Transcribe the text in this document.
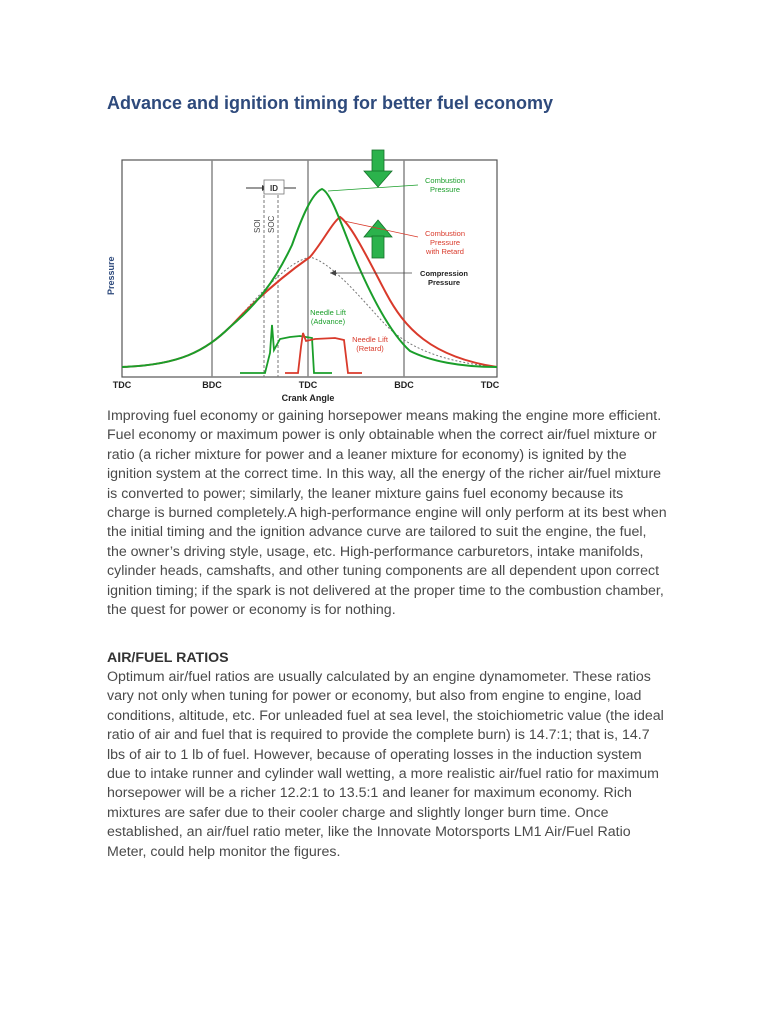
Advance and ignition timing for better fuel economy
ID
SOI SOC
Combustion
Pressure
Combustion
Pressure
with Retard
Compression
Pressure
Needle Lift
(Advance)
Needle Lift
(Retard)
Pressure
TDC	BDC	TDC	BDC	TDC
Crank Angle

Improving fuel economy or gaining horsepower means making the engine more efficient. Fuel economy or maximum power is only obtainable when the correct air/fuel mixture or ratio (a richer mixture for power and a leaner mixture for economy) is ignited by the ignition system at the correct time. In this way, all the energy of the richer air/fuel mixture is converted to power; similarly, the leaner mixture gains fuel economy because its charge is burned completely.A high-performance engine will only perform at its best when the initial timing and the ignition advance curve are tailored to suit the engine, the fuel, the owner’s driving style, usage, etc. High-performance carburetors, intake manifolds, cylinder heads, camshafts, and other tuning components are all dependent upon correct ignition timing; if the spark is not delivered at the proper time to the combustion chamber, the quest for power or economy is for nothing.

AIR/FUEL RATIOS

Optimum air/fuel ratios are usually calculated by an engine dynamometer. These ratios vary not only when tuning for power or economy, but also from engine to engine, load conditions, altitude, etc. For unleaded fuel at sea level, the stoichiometric value (the ideal ratio of air and fuel that is required to provide the complete burn) is 14.7:1; that is, 14.7 lbs of air to 1 lb of fuel. However, because of operating losses in the induction system due to intake runner and cylinder wall wetting, a more realistic air/fuel ratio for maximum horsepower will be a richer 12.2:1 to 13.5:1 and leaner for maximum economy. Rich mixtures are safer due to their cooler charge and slightly longer burn time. Once established, an air/fuel ratio meter, like the Innovate Motorsports LM1 Air/Fuel Ratio Meter, could help monitor the figures.
